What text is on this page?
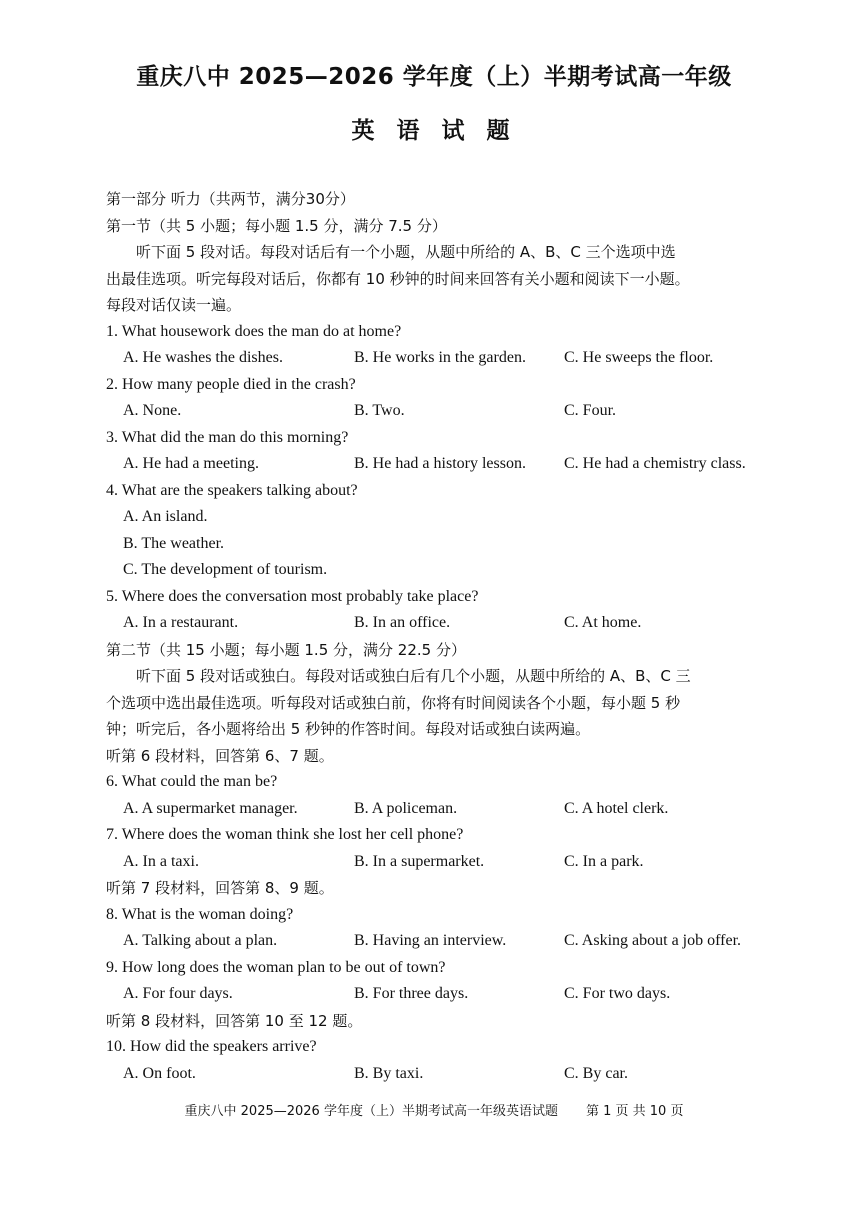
重庆八中 2025—2026 学年度（上）半期考试高一年级
英 语 试 题
第一部分 听力（共两节，满分30分）
第一节（共 5 小题；每小题 1.5 分，满分 7.5 分）
听下面 5 段对话。每段对话后有一个小题，从题中所给的 A、B、C 三个选项中选
出最佳选项。听完每段对话后，你都有 10 秒钟的时间来回答有关小题和阅读下一小题。
每段对话仅读一遍。
1. What housework does the man do at home?
A. He washes the dishes.	B. He works in the garden. C. He sweeps the floor.
2. How many people died in the crash?
A. None.	B. Two.	C. Four.
3. What did the man do this morning?
A. He had a meeting.	B. He had a history lesson. C. He had a chemistry class.
4. What are the speakers talking about?
A. An island.
B. The weather.
C. The development of tourism.
5. Where does the conversation most probably take place?
A. In a restaurant.	B. In an office.	C. At home.
第二节（共 15 小题；每小题 1.5 分，满分 22.5 分）
听下面 5 段对话或独白。每段对话或独白后有几个小题，从题中所给的 A、B、C 三
个选项中选出最佳选项。听每段对话或独白前，你将有时间阅读各个小题，每小题 5 秒
钟；听完后，各小题将给出 5 秒钟的作答时间。每段对话或独白读两遍。
听第 6 段材料，回答第 6、7 题。
6. What could the man be?
A. A supermarket manager.	B. A policeman.	C. A hotel clerk.
7. Where does the woman think she lost her cell phone?
A. In a taxi.	B. In a supermarket.	C. In a park.
听第 7 段材料，回答第 8、9 题。
8. What is the woman doing?
A. Talking about a plan.	B. Having an interview.	C. Asking about a job offer.
9. How long does the woman plan to be out of town?
A. For four days.	B. For three days.	C. For two days.
听第 8 段材料，回答第 10 至 12 题。
10. How did the speakers arrive?
A. On foot.	B. By taxi.	C. By car.
重庆八中 2025—2026 学年度（上）半期考试高一年级英语试题 第 1 页 共 10 页
